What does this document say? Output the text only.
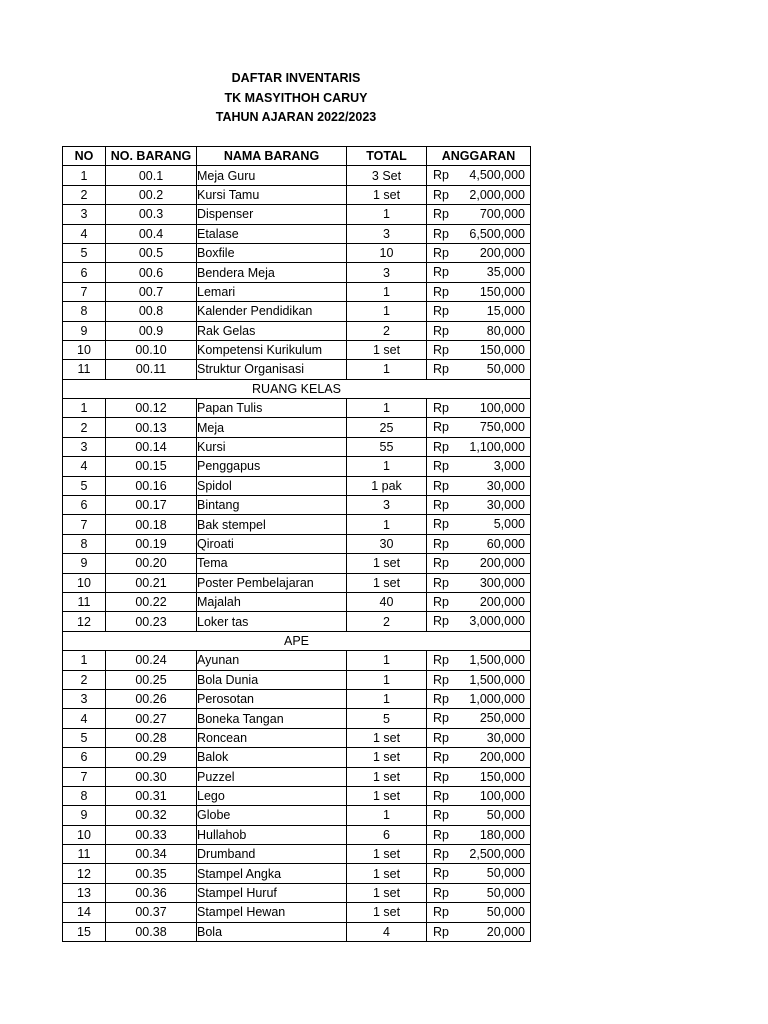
DAFTAR INVENTARIS
TK MASYITHOH CARUY
TAHUN AJARAN 2022/2023
NO	NO. BARANG	NAMA BARANG	TOTAL	ANGGARAN
1	00.1	Meja Guru	3 Set	Rp 4,500,000

2	00.2	Kursi Tamu	1 set	Rp 2,000,000

3	00.3	Dispenser	1	Rp 700,000

4	00.4	Etalase	3	Rp 6,500,000

5	00.5	Boxfile	10	Rp 200,000

6	00.6	Bendera Meja	3	Rp 35,000

7	00.7	Lemari	1	Rp 150,000

8	00.8	Kalender Pendidikan	1	Rp 15,000

9	00.9	Rak Gelas	2	Rp 80,000

10	00.10	Kompetensi Kurikulum	1 set	Rp 150,000

11	00.11	Struktur Organisasi	1	Rp 50,000

RUANG KELAS				
1	00.12	Papan Tulis	1	Rp 100,000

2	00.13	Meja	25	Rp 750,000

3	00.14	Kursi	55	Rp 1,100,000

4	00.15	Penggapus	1	Rp 3,000

5	00.16	Spidol	1 pak	Rp 30,000

6	00.17	Bintang	3	Rp 30,000

7	00.18	Bak stempel	1	Rp 5,000

8	00.19	Qiroati	30	Rp 60,000

9	00.20	Tema	1 set	Rp 200,000

10	00.21	Poster Pembelajaran	1 set	Rp 300,000

11	00.22	Majalah	40	Rp 200,000

12	00.23	Loker tas	2	Rp 3,000,000

APE				
1	00.24	Ayunan	1	Rp 1,500,000

2	00.25	Bola Dunia	1	Rp 1,500,000

3	00.26	Perosotan	1	Rp 1,000,000

4	00.27	Boneka Tangan	5	Rp 250,000

5	00.28	Roncean	1 set	Rp 30,000

6	00.29	Balok	1 set	Rp 200,000

7	00.30	Puzzel	1 set	Rp 150,000

8	00.31	Lego	1 set	Rp 100,000

9	00.32	Globe	1	Rp 50,000

10	00.33	Hullahob	6	Rp 180,000

11	00.34	Drumband	1 set	Rp 2,500,000

12	00.35	Stampel Angka	1 set	Rp 50,000

13	00.36	Stampel Huruf	1 set	Rp 50,000

14	00.37	Stampel Hewan	1 set	Rp 50,000

15	00.38	Bola	4	Rp 20,000
